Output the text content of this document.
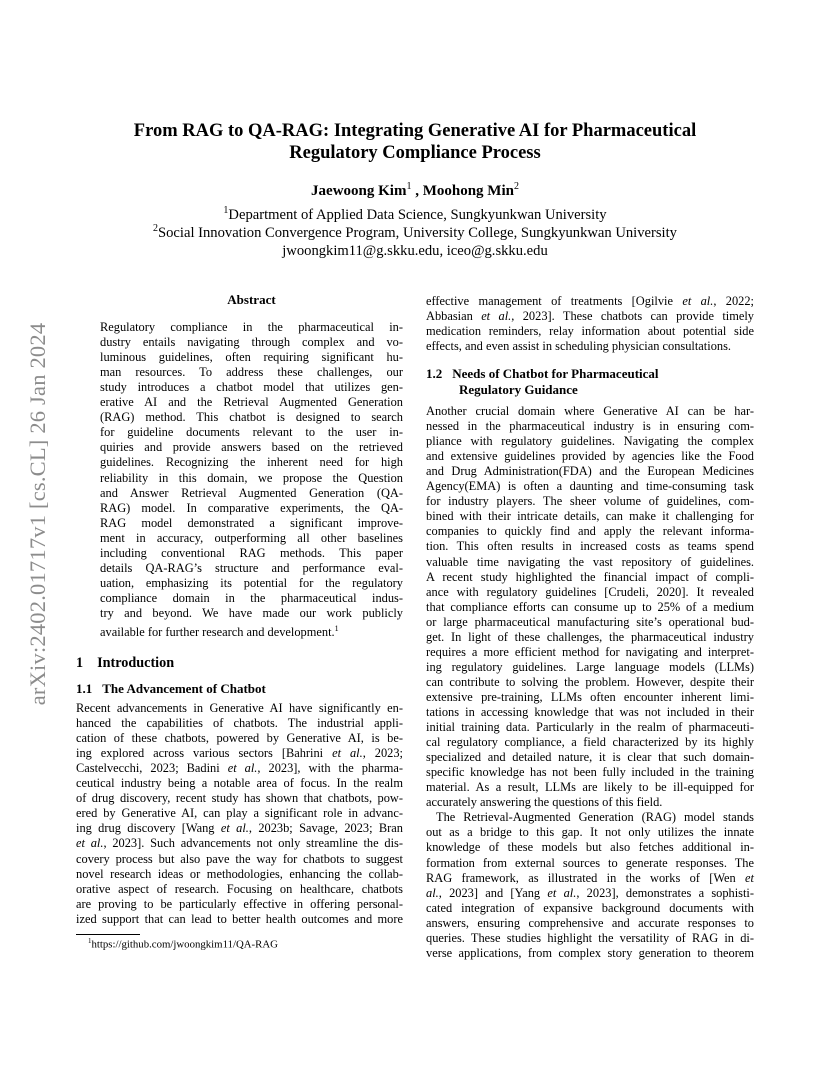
arXiv:2402.01717v1 [cs.CL] 26 Jan 2024
From RAG to QA-RAG: Integrating Generative AI for Pharmaceutical
Regulatory Compliance Process
Jaewoong Kim$^1$ , Moohong Min$^2$
$^1$Department of Applied Data Science, Sungkyunkwan University
$^2$Social Innovation Convergence Program, University College, Sungkyunkwan University
jwoongkim11@g.skku.edu, iceo@g.skku.edu
Abstract
Regulatory compliance in the pharmaceutical in-
dustry entails navigating through complex and vo-
luminous guidelines, often requiring significant hu-
man resources. To address these challenges, our
study introduces a chatbot model that utilizes gen-
erative AI and the Retrieval Augmented Generation
(RAG) method. This chatbot is designed to search
for guideline documents relevant to the user in-
quiries and provide answers based on the retrieved
guidelines. Recognizing the inherent need for high
reliability in this domain, we propose the Question
and Answer Retrieval Augmented Generation (QA-
RAG) model. In comparative experiments, the QA-
RAG model demonstrated a significant improve-
ment in accuracy, outperforming all other baselines
including conventional RAG methods. This paper
details QA-RAG’s structure and performance eval-
uation, emphasizing its potential for the regulatory
compliance domain in the pharmaceutical indus-
try and beyond. We have made our work publicly
available for further research and development.$^1$
1 Introduction
1.1 The Advancement of Chatbot
Recent advancements in Generative AI have significantly en-
hanced the capabilities of chatbots. The industrial appli-
cation of these chatbots, powered by Generative AI, is be-
ing explored across various sectors [Bahrini et al., 2023;
Castelvecchi, 2023; Badini et al., 2023], with the pharma-
ceutical industry being a notable area of focus. In the realm
of drug discovery, recent study has shown that chatbots, pow-
ered by Generative AI, can play a significant role in advanc-
ing drug discovery [Wang et al., 2023b; Savage, 2023; Bran
et al., 2023]. Such advancements not only streamline the dis-
covery process but also pave the way for chatbots to suggest
novel research ideas or methodologies, enhancing the collab-
orative aspect of research. Focusing on healthcare, chatbots
are proving to be particularly effective in offering personal-
ized support that can lead to better health outcomes and more
$^1$https://github.com/jwoongkim11/QA-RAG
effective management of treatments [Ogilvie et al., 2022;
Abbasian et al., 2023]. These chatbots can provide timely
medication reminders, relay information about potential side
effects, and even assist in scheduling physician consultations.
1.2 Needs of Chatbot for Pharmaceutical
Regulatory Guidance
Another crucial domain where Generative AI can be har-
nessed in the pharmaceutical industry is in ensuring com-
pliance with regulatory guidelines. Navigating the complex
and extensive guidelines provided by agencies like the Food
and Drug Administration(FDA) and the European Medicines
Agency(EMA) is often a daunting and time-consuming task
for industry players. The sheer volume of guidelines, com-
bined with their intricate details, can make it challenging for
companies to quickly find and apply the relevant informa-
tion. This often results in increased costs as teams spend
valuable time navigating the vast repository of guidelines.
A recent study highlighted the financial impact of compli-
ance with regulatory guidelines [Crudeli, 2020]. It revealed
that compliance efforts can consume up to 25% of a medium
or large pharmaceutical manufacturing site’s operational bud-
get. In light of these challenges, the pharmaceutical industry
requires a more efficient method for navigating and interpret-
ing regulatory guidelines. Large language models (LLMs)
can contribute to solving the problem. However, despite their
extensive pre-training, LLMs often encounter inherent limi-
tations in accessing knowledge that was not included in their
initial training data. Particularly in the realm of pharmaceuti-
cal regulatory compliance, a field characterized by its highly
specialized and detailed nature, it is clear that such domain-
specific knowledge has not been fully included in the training
material. As a result, LLMs are likely to be ill-equipped for
accurately answering the questions of this field.
The Retrieval-Augmented Generation (RAG) model stands
out as a bridge to this gap. It not only utilizes the innate
knowledge of these models but also fetches additional in-
formation from external sources to generate responses. The
RAG framework, as illustrated in the works of [Wen et
al., 2023] and [Yang et al., 2023], demonstrates a sophisti-
cated integration of expansive background documents with
answers, ensuring comprehensive and accurate responses to
queries. These studies highlight the versatility of RAG in di-
verse applications, from complex story generation to theorem
